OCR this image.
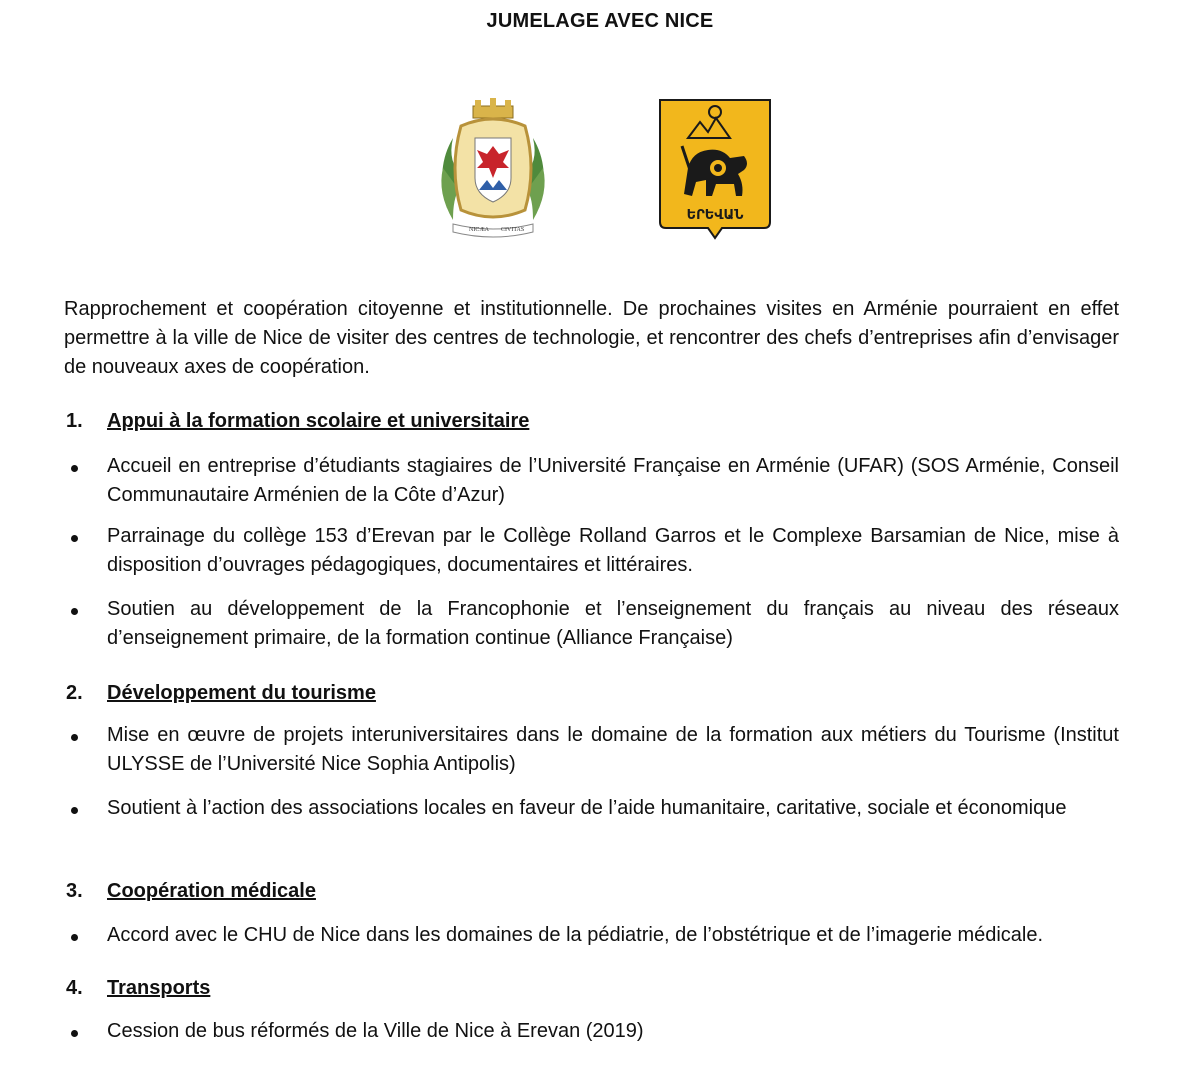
JUMELAGE AVEC NICE
NICÆA CIVITAS
ԵՐԵՎԱՆ

Rapprochement et coopération citoyenne et institutionnelle. De prochaines visites en Arménie pourraient en effet permettre à la ville de Nice de visiter des centres de technologie, et rencontrer des chefs d’entreprises afin d’envisager de nouveaux axes de coopération.

1. Appui à la formation scolaire et universitaire
Accueil en entreprise d’étudiants stagiaires de l’Université Française en Arménie (UFAR) (SOS Arménie, Conseil Communautaire Arménien de la Côte d’Azur)
Parrainage du collège 153 d’Erevan par le Collège Rolland Garros et le Complexe Barsamian de Nice, mise à disposition d’ouvrages pédagogiques, documentaires et littéraires.
Soutien au développement de la Francophonie et l’enseignement du français au niveau des réseaux d’enseignement primaire, de la formation continue (Alliance Française)
2. Développement du tourisme
Mise en œuvre de projets interuniversitaires dans le domaine de la formation aux métiers du Tourisme (Institut ULYSSE de l’Université Nice Sophia Antipolis)
Soutient à l’action des associations locales en faveur de l’aide humanitaire, caritative, sociale et économique
3. Coopération médicale
Accord avec le CHU de Nice dans les domaines de la pédiatrie, de l’obstétrique et de l’imagerie médicale.
4. Transports
Cession de bus réformés de la Ville de Nice à Erevan (2019)
